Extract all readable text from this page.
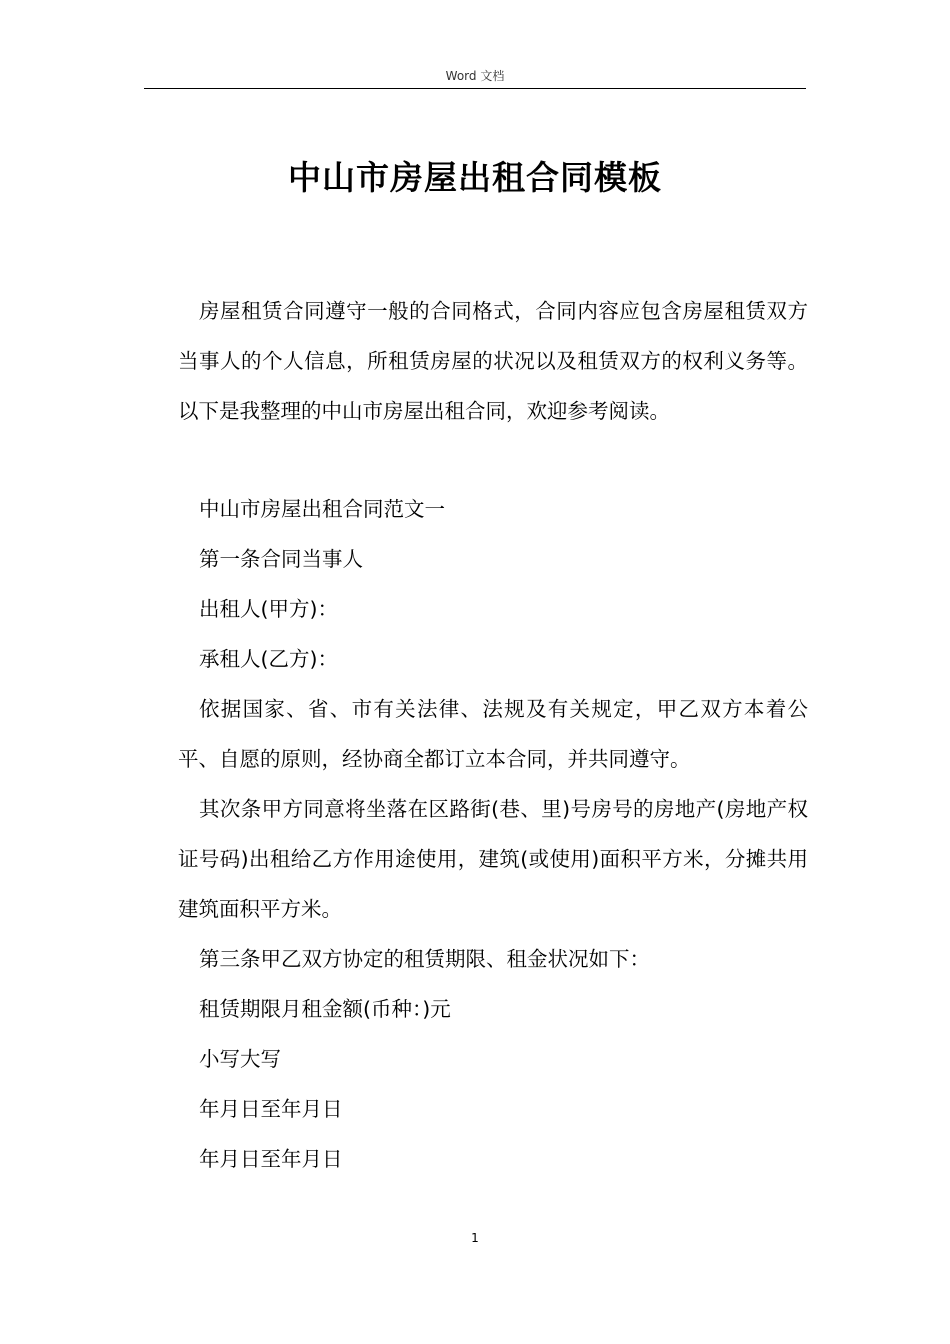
Word 文档
中山市房屋出租合同模板

房屋租赁合同遵守一般的合同格式，合同内容应包含房屋租赁双方当事人的个人信息，所租赁房屋的状况以及租赁双方的权利义务等。以下是我整理的中山市房屋出租合同，欢迎参考阅读。

中山市房屋出租合同范文一

第一条合同当事人

出租人(甲方)：

承租人(乙方)：

依据国家、省、市有关法律、法规及有关规定，甲乙双方本着公平、自愿的原则，经协商全都订立本合同，并共同遵守。

其次条甲方同意将坐落在区路街(巷、里)号房号的房地产(房地产权证号码)出租给乙方作用途使用，建筑(或使用)面积平方米，分摊共用建筑面积平方米。

第三条甲乙双方协定的租赁期限、租金状况如下：

租赁期限月租金额(币种：)元

小写大写

年月日至年月日

年月日至年月日

1
